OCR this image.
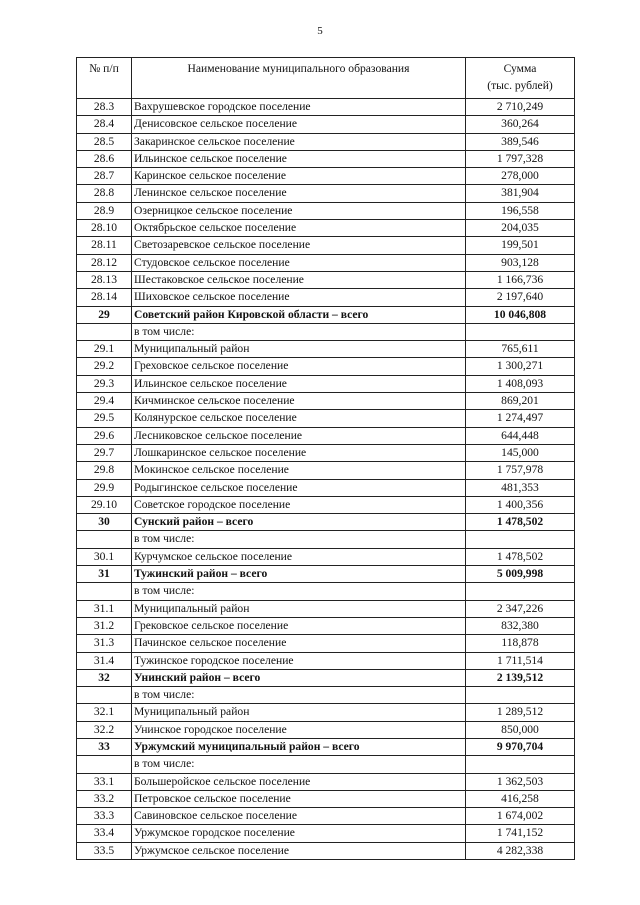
5
№ п/п	Наименование муниципального образования	Сумма
(тыс. рублей)
28.3	Вахрушевское городское поселение	2 710,249
28.4	Денисовское сельское поселение	360,264
28.5	Закаринское сельское поселение	389,546
28.6	Ильинское сельское поселение	1 797,328
28.7	Каринское сельское поселение	278,000
28.8	Ленинское сельское поселение	381,904
28.9	Озерницкое сельское поселение	196,558
28.10	Октябрьское сельское поселение	204,035
28.11	Светозаревское сельское поселение	199,501
28.12	Студовское сельское поселение	903,128
28.13	Шестаковское сельское поселение	1 166,736
28.14	Шиховское сельское поселение	2 197,640
29	Советский район Кировской области – всего	10 046,808
	в том числе:	
29.1	Муниципальный район	765,611
29.2	Греховское сельское поселение	1 300,271
29.3	Ильинское сельское поселение	1 408,093
29.4	Кичминское сельское поселение	869,201
29.5	Колянурское сельское поселение	1 274,497
29.6	Лесниковское сельское поселение	644,448
29.7	Лошкаринское сельское поселение	145,000
29.8	Мокинское сельское поселение	1 757,978
29.9	Родыгинское сельское поселение	481,353
29.10	Советское городское поселение	1 400,356
30	Сунский район – всего	1 478,502
	в том числе:	
30.1	Курчумское сельское поселение	1 478,502
31	Тужинский район – всего	5 009,998
	в том числе:	
31.1	Муниципальный район	2 347,226
31.2	Грековское сельское поселение	832,380
31.3	Пачинское сельское поселение	118,878
31.4	Тужинское городское поселение	1 711,514
32	Унинский район – всего	2 139,512
	в том числе:	
32.1	Муниципальный район	1 289,512
32.2	Унинское городское поселение	850,000
33	Уржумский муниципальный район – всего	9 970,704
	в том числе:	
33.1	Большеройское сельское поселение	1 362,503
33.2	Петровское сельское поселение	416,258
33.3	Савиновское сельское поселение	1 674,002
33.4	Уржумское городское поселение	1 741,152
33.5	Уржумское сельское поселение	4 282,338
